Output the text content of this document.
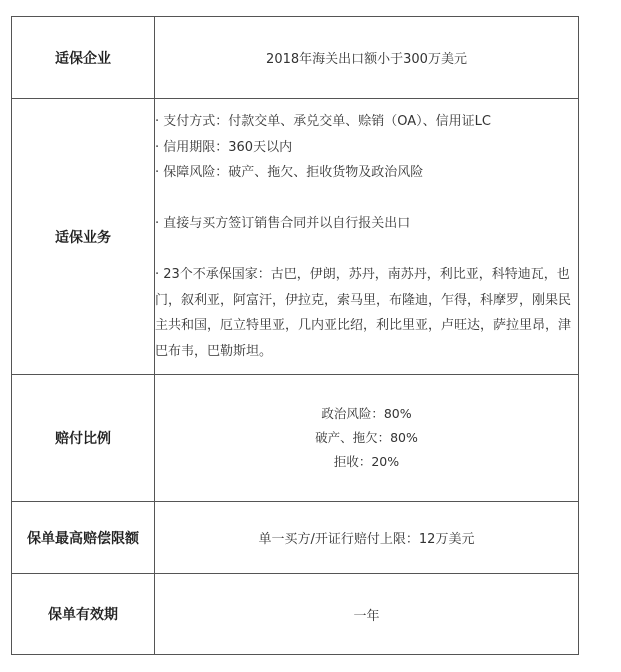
适保企业	2018年海关出口额小于300万美元
适保业务	· 支付方式：付款交单、承兑交单、赊销（OA）、信用证LC
· 信用期限：360天以内
· 保障风险：破产、拖欠、拒收货物及政治风险
· 直接与买方签订销售合同并以自行报关出口
· 23个不承保国家：古巴，伊朗，苏丹，南苏丹，利比亚，科特迪瓦，也门，叙利亚，阿富汗，伊拉克，索马里，布隆迪，乍得，科摩罗，刚果民主共和国，厄立特里亚，几内亚比绍，利比里亚，卢旺达，萨拉里昂，津巴布韦，巴勒斯坦。

赔付比例	政治风险：80%
破产、拖欠：80%
拒收：20%

保单最高赔偿限额	单一买方/开证行赔付上限：12万美元
保单有效期	一年
